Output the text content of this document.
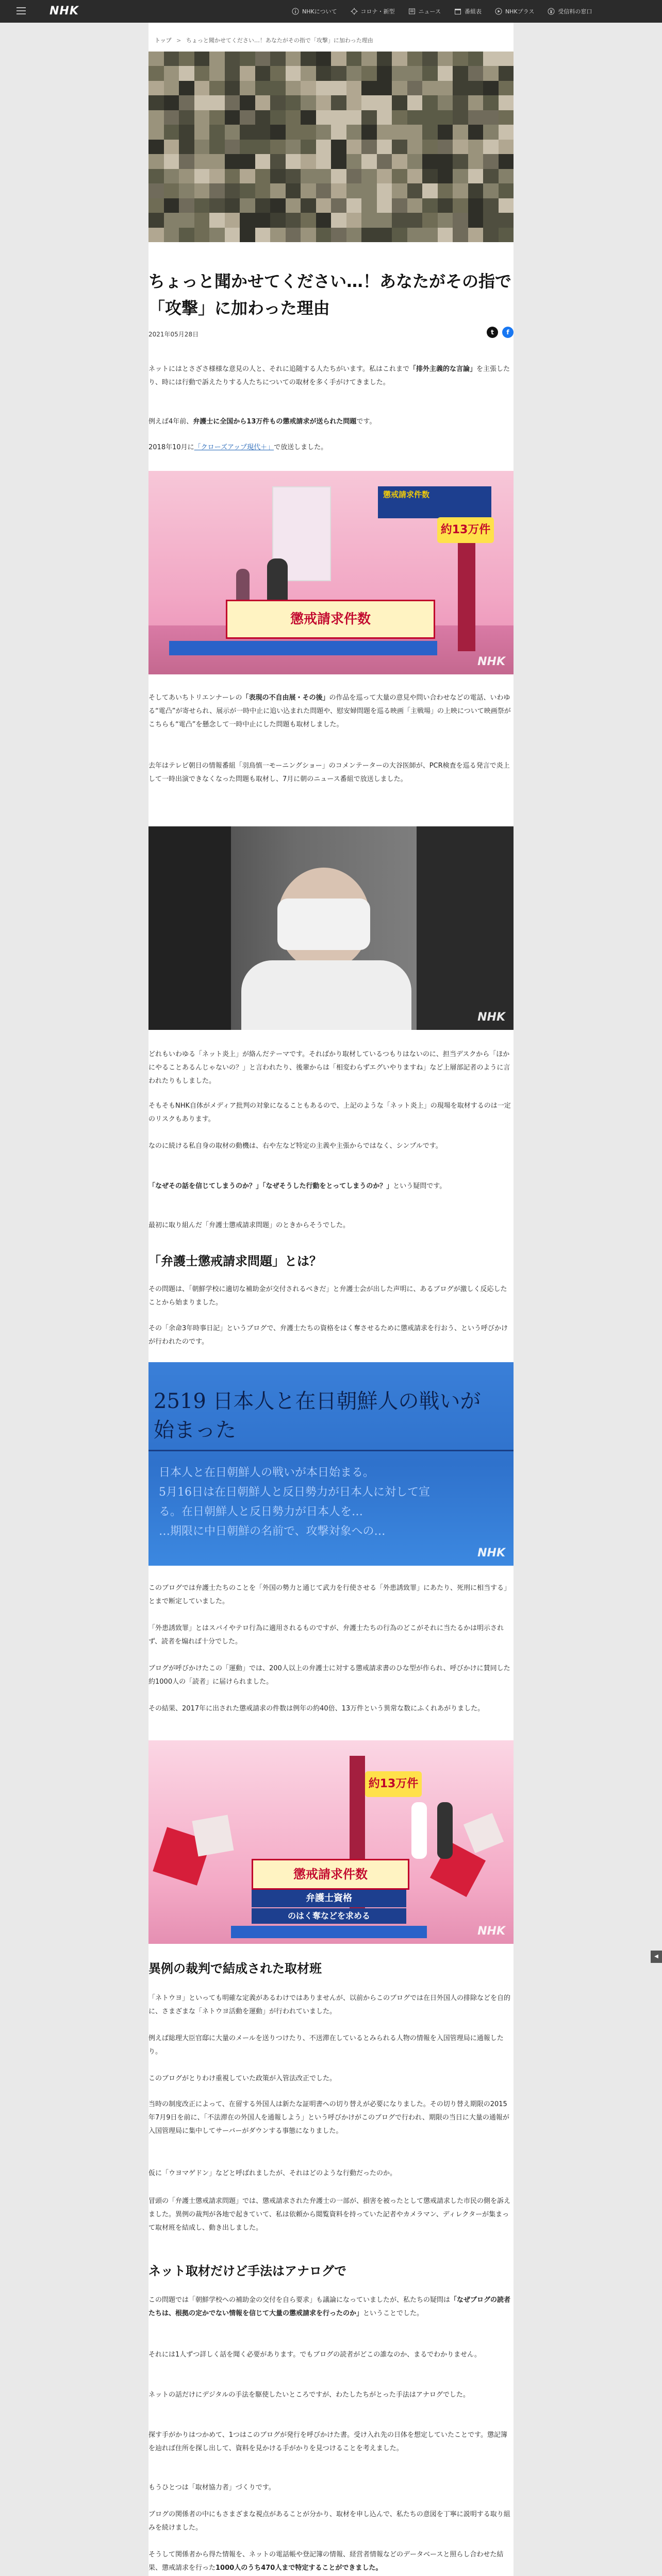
NHK	NHKについて	コロナ・新型	ニュース	番組表	NHKプラス	受信料の窓口
トップ > ちょっと聞かせてください…！あなたがその指で「攻撃」に加わった理由
ちょっと聞かせてください…！あなたがその指で「攻撃」に加わった理由
2021年05月28日	t	f
ネットにはとさざさ様様な意見の人と、それに追随する人たちがいます。私はこれまで「排外主義的な言論」を主張したり、時には行動で訴えたりする人たちについての取材を多く手がけてきました。
例えば4年前、弁護士に全国から13万件もの懲戒請求が送られた問題です。
2018年10月に「クローズアップ現代＋」で放送しました。
懲戒請求件数
約13万件
懲戒請求件数
NHK
そしてあいちトリエンナーレの「表現の不自由展・その後」の作品を巡って大量の意見や問い合わせなどの電話、いわゆる“電凸”が寄せられ、展示が一時中止に追い込まれた問題や、慰安婦問題を巡る映画「主戦場」の上映について映画祭がこちらも“電凸”を懸念して一時中止にした問題も取材しました。
去年はテレビ朝日の情報番組「羽鳥慎一モーニングショー」のコメンテーターの大谷医師が、PCR検査を巡る発言で炎上して一時出演できなくなった問題も取材し、7月に朝のニュース番組で放送しました。
NHK
どれもいわゆる「ネット炎上」が絡んだテーマです。そればかり取材しているつもりはないのに、担当デスクから「ほかにやることあるんじゃないの？」と言われたり、後輩からは「相変わらずエグいやりますね」など上層部記者のように言われたりもしました。
そもそもNHK自体がメディア批判の対象になることもあるので、上記のような「ネット炎上」の現場を取材するのは一定のリスクもあります。
なのに続ける私自身の取材の動機は、右や左など特定の主義や主張からではなく、シンプルです。
「なぜその話を信じてしまうのか？」「なぜそうした行動をとってしまうのか？」という疑問です。
最初に取り組んだ「弁護士懲戒請求問題」のときからそうでした。
「弁護士懲戒請求問題」とは？
その問題は、「朝鮮学校に適切な補助金が交付されるべきだ」と弁護士会が出した声明に、あるブログが激しく反応したことから始まりました。
その「余命3年時事日記」というブログで、弁護士たちの資格をはく奪させるために懲戒請求を行おう、という呼びかけが行われたのです。
2519 日本人と在日朝鮮人の戦いが
始まった
日本人と在日朝鮮人の戦いが本日始まる。
5月16日は在日朝鮮人と反日勢力が日本人に対して宣
る。在日朝鮮人と反日勢力が日本人を…
…期限に中日朝鮮の名前で、攻撃対象への…
NHK
このブログでは弁護士たちのことを「外国の勢力と通じて武力を行使させる「外患誘致罪」にあたり、死刑に相当する」とまで断定していました。
「外患誘致罪」とはスパイやテロ行為に適用されるものですが、弁護士たちの行為のどこがそれに当たるかは明示されず、読者を煽れば十分でした。
ブログが呼びかけたこの「運動」では、200人以上の弁護士に対する懲戒請求書のひな型が作られ、呼びかけに賛同した約1000人の「読者」に届けられました。
その結果、2017年に出された懲戒請求の件数は例年の約40倍、13万件という異常な数にふくれあがりました。
約13万件
懲戒請求件数
弁護士資格
のはく奪などを求める
NHK
異例の裁判で結成された取材班
「ネトウヨ」といっても明確な定義があるわけではありませんが、以前からこのブログでは在日外国人の排除などを自的に、さまざまな「ネトウヨ活動を運動」が行われていました。
例えば総理大臣官邸に大量のメールを送りつけたり、不送滞在しているとみられる人物の情報を入国管理局に通報したり。
このブログがとりわけ重視していた政策が入管法改正でした。
当時の制度改正によって、在留する外国人は新たな証明書への切り替えが必要になりました。その切り替え期限の2015年7月9日を前に、「不法滞在の外国人を通報しよう」という呼びかけがこのブログで行われ、期限の当日に大量の通報が入国管理局に集中してサーバーがダウンする事態になりました。
仮に「ウヨマゲドン」などと呼ばれましたが、それはどのような行動だったのか。
冒頭の「弁護士懲戒請求問題」では、懲戒請求された弁護士の一部が、損害を被ったとして懲戒請求した市民の側を訴えました。異例の裁判が各地で起きていて、私は依頼から閲覧資料を持っていた記者やカメラマン、ディレクターが集まって取材班を結成し、動き出しました。
ネット取材だけど手法はアナログで
この問題では「朝鮮学校への補助金の交付を自ら要求」も議論になっていましたが、私たちの疑問は「なぜブログの読者たちは、根拠の定かでない情報を信じて大量の懲戒請求を行ったのか」ということでした。
それには1人ずつ詳しく話を聞く必要があります。でもブログの読者がどこの誰なのか、まるでわかりません。
ネットの話だけにデジタルの手法を駆使したいところですが、わたしたちがとった手法はアナログでした。
探す手がかりはつかめて、1つはこのブログが発行を呼びかけた書。受け入れ先の日体を想定していたことです。懲記簿を辿れば住所を探し出して、資料を見かける手がかりを見つけることを考えました。
もうひとつは「取材協力者」づくりです。
ブログの関係者の中にもさまざまな視点があることが分かり、取材を申し込んで、私たちの意図を丁寧に説明する取り組みを続けました。
そうして関係者から得た情報を、ネットの電話帳や登記簿の情報、経営者情報などのデータベースと照らし合わせた結果、懲戒請求を行った1000人のうち470人まで特定することができました。
◀
